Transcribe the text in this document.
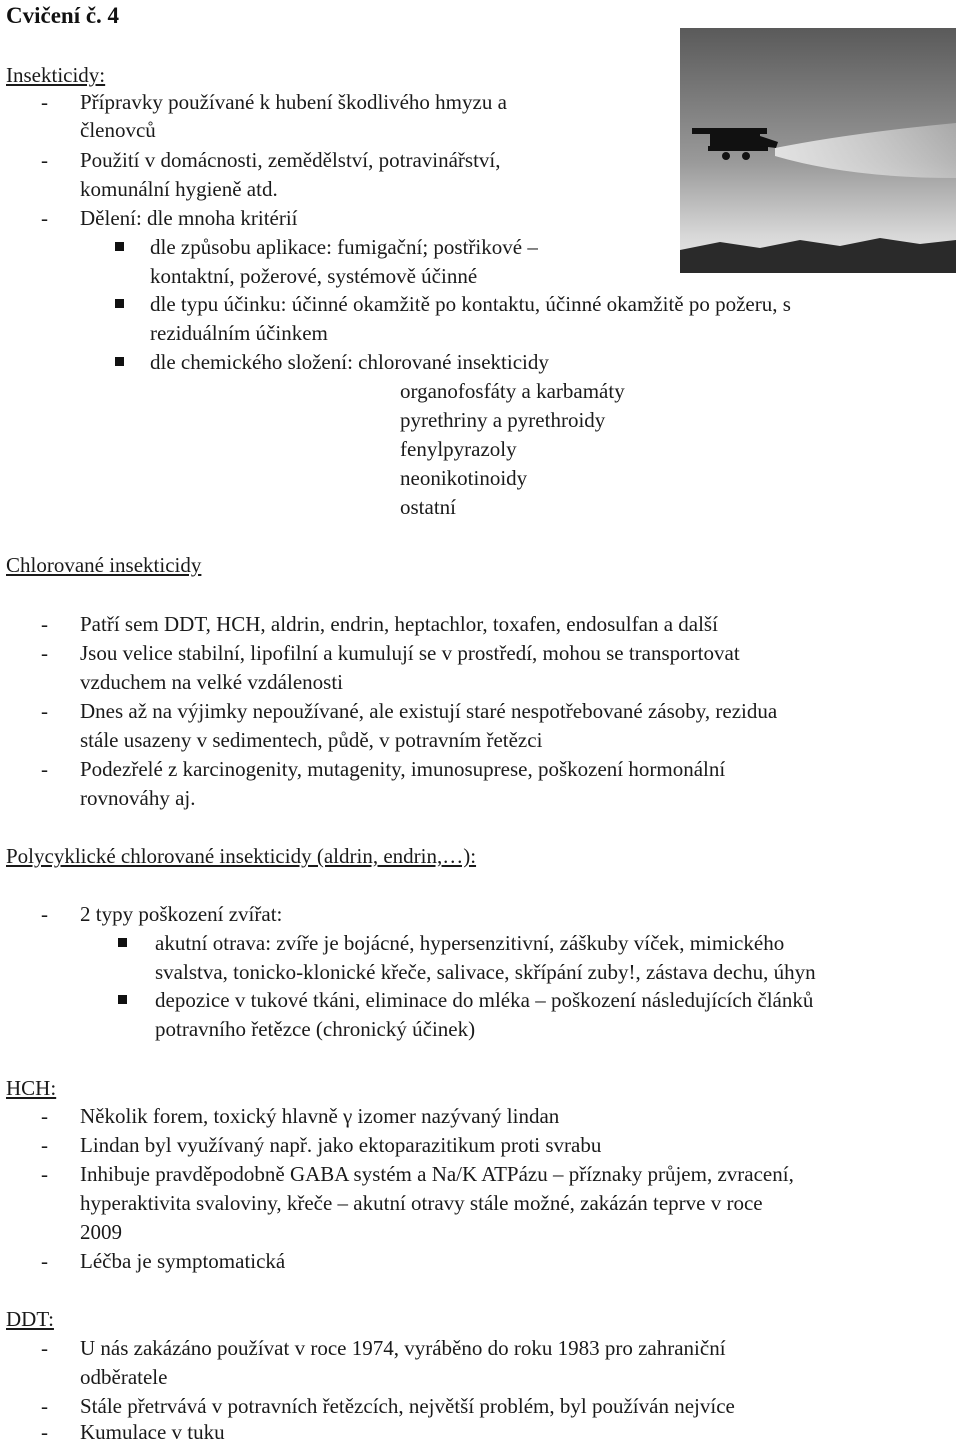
Cvičení č. 4
Insekticidy:
- Přípravky používané k hubení škodlivého hmyzu a
členovců
- Použití v domácnosti, zemědělství, potravinářství,
komunální hygieně atd.
- Dělení: dle mnoha kritérií
dle způsobu aplikace: fumigační; postřikové –
kontaktní, požerové, systémově účinné
dle typu účinku: účinné okamžitě po kontaktu, účinné okamžitě po požeru, s
reziduálním účinkem
dle chemického složení: chlorované insekticidy
organofosfáty a karbamáty
pyrethriny a pyrethroidy
fenylpyrazoly
neonikotinoidy
ostatní
Chlorované insekticidy
- Patří sem DDT, HCH, aldrin, endrin, heptachlor, toxafen, endosulfan a další
- Jsou velice stabilní, lipofilní a kumulují se v prostředí, mohou se transportovat
vzduchem na velké vzdálenosti
- Dnes až na výjimky nepoužívané, ale existují staré nespotřebované zásoby, rezidua
stále usazeny v sedimentech, půdě, v potravním řetězci
- Podezřelé z karcinogenity, mutagenity, imunosuprese, poškození hormonální
rovnováhy aj.
Polycyklické chlorované insekticidy (aldrin, endrin,…):
- 2 typy poškození zvířat:
akutní otrava: zvíře je bojácné, hypersenzitivní, záškuby víček, mimického
svalstva, tonicko-klonické křeče, salivace, skřípání zuby!, zástava dechu, úhyn
depozice v tukové tkáni, eliminace do mléka – poškození následujících článků
potravního řetězce (chronický účinek)
HCH:
- Několik forem, toxický hlavně γ izomer nazývaný lindan
- Lindan byl využívaný např. jako ektoparazitikum proti svrabu
- Inhibuje pravděpodobně GABA systém a Na/K ATPázu – příznaky průjem, zvracení,
hyperaktivita svaloviny, křeče – akutní otravy stále možné, zakázán teprve v roce
2009
- Léčba je symptomatická
DDT:
- U nás zakázáno používat v roce 1974, vyráběno do roku 1983 pro zahraniční
odběratele
- Stále přetrvává v potravních řetězcích, největší problém, byl používán nejvíce
- Kumulace v tuku
